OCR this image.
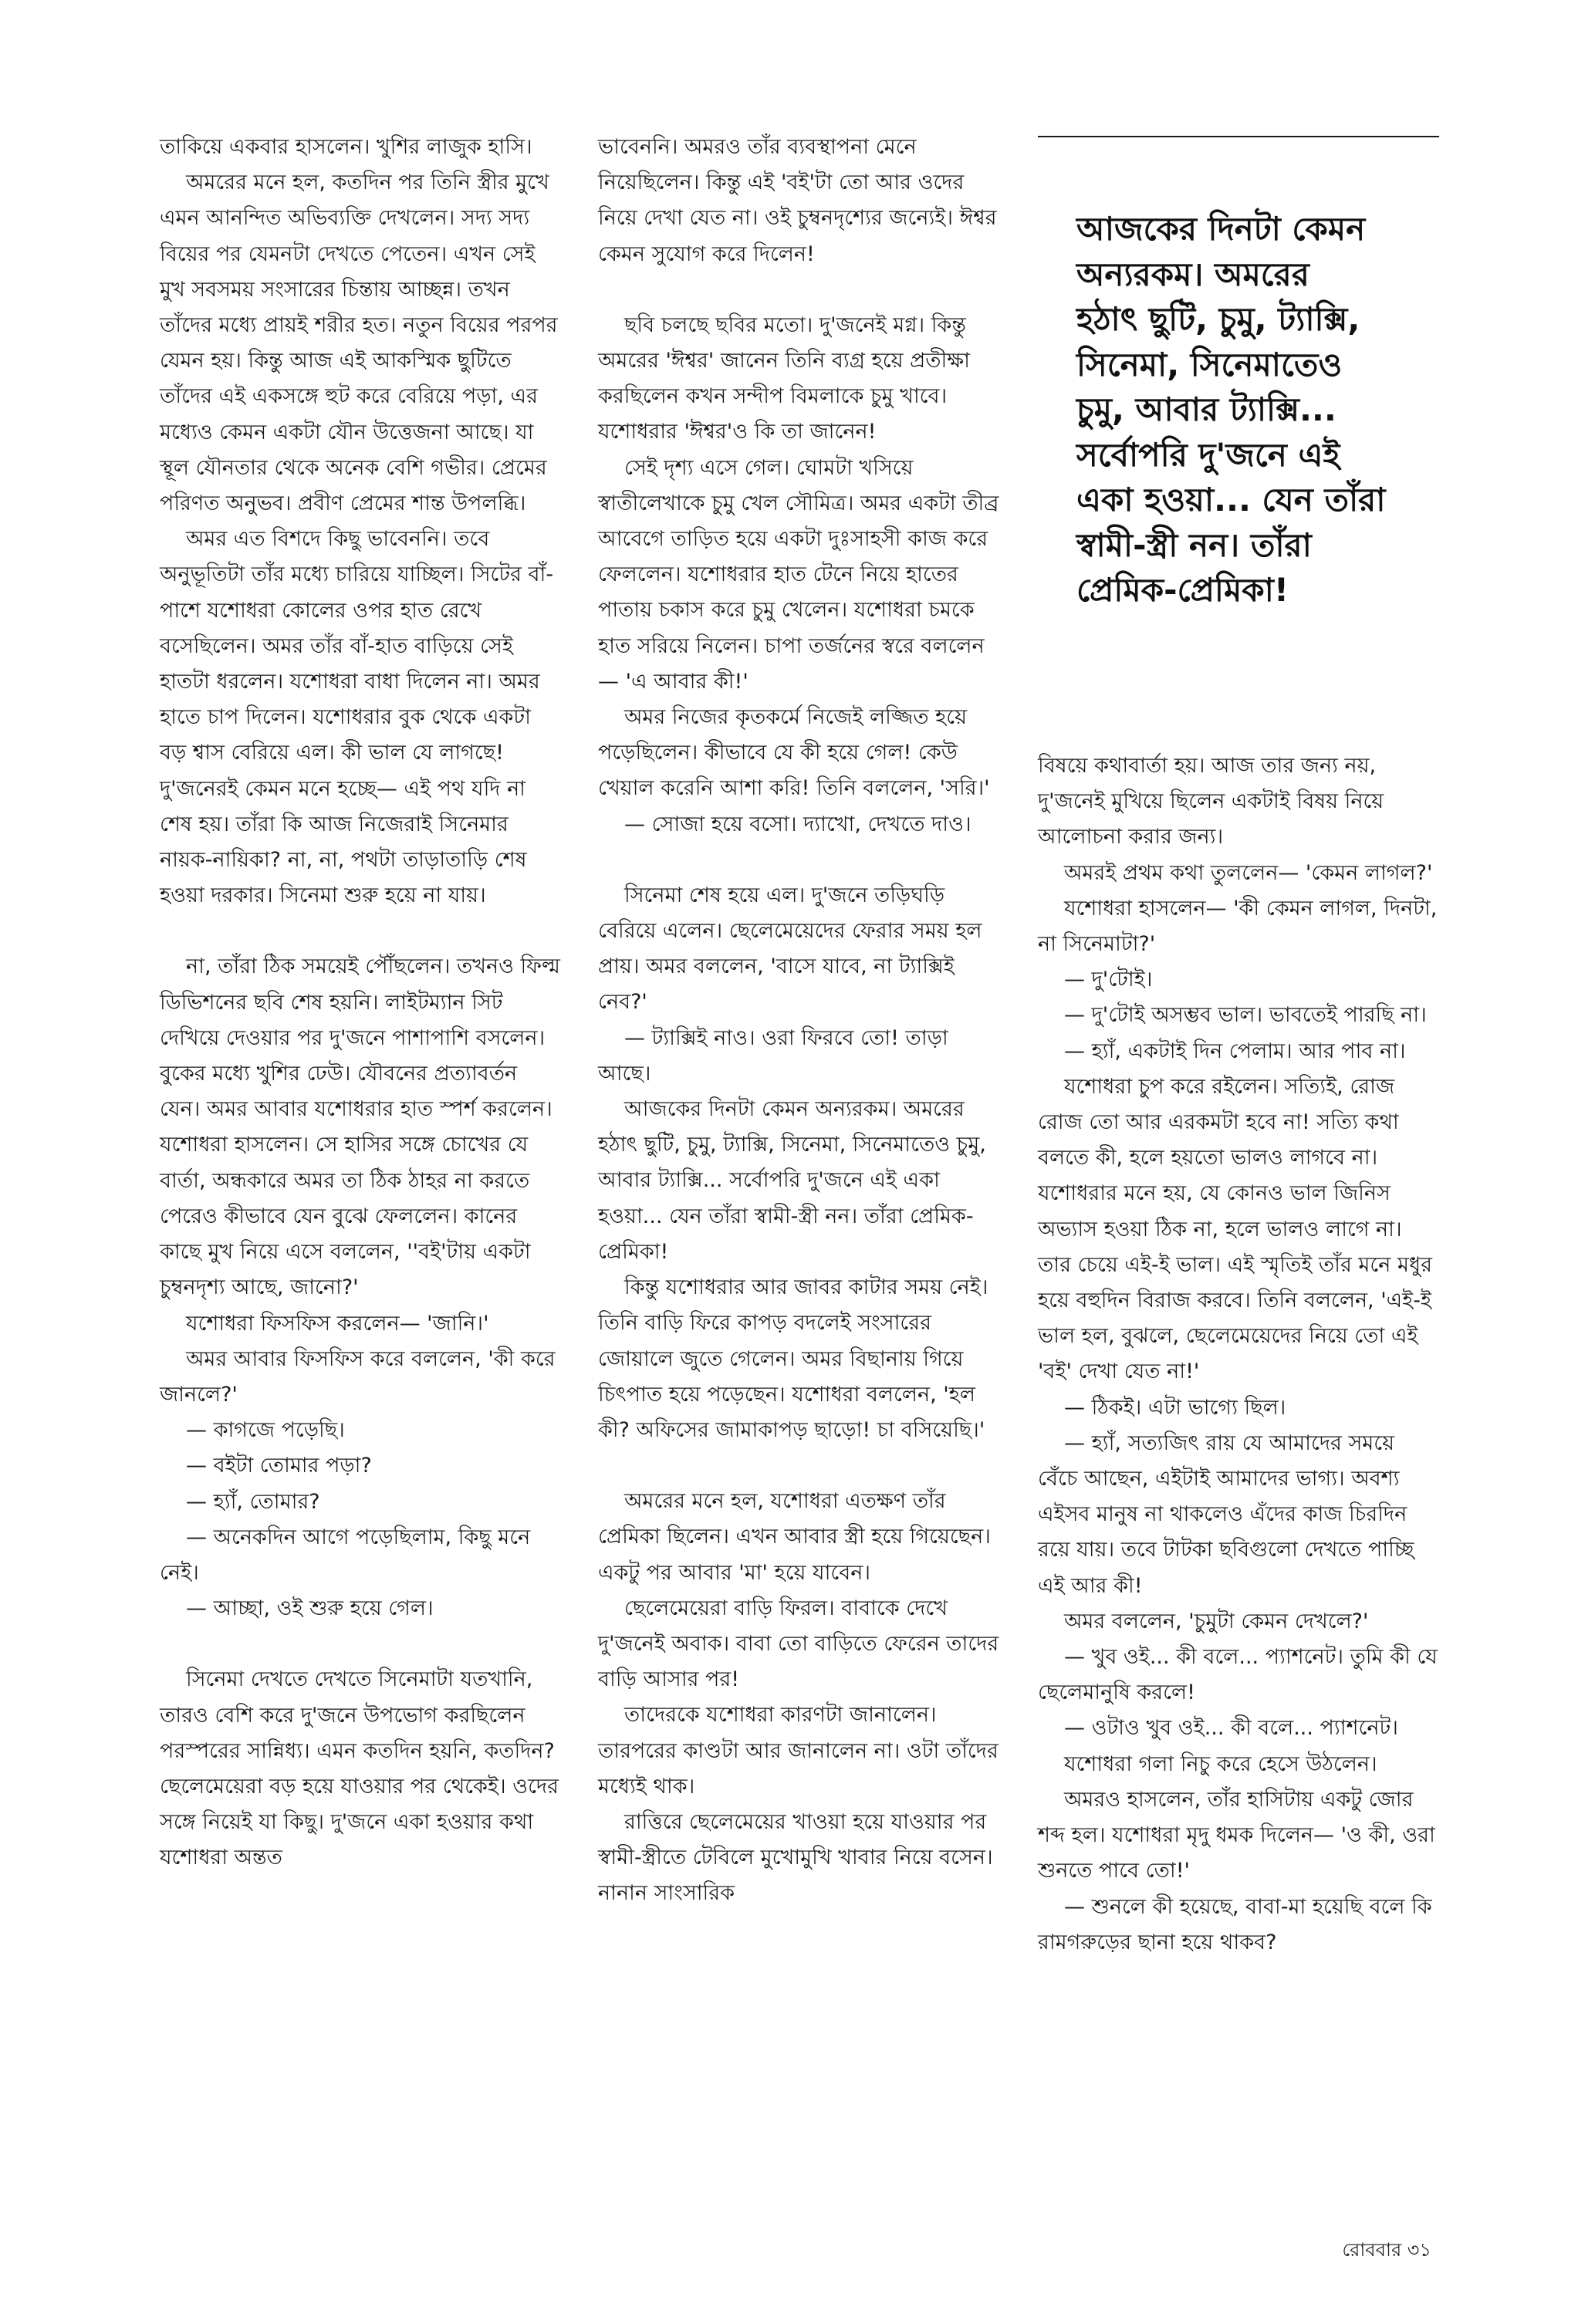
তাকিয়ে একবার হাসলেন। খুশির লাজুক হাসি।

অমরের মনে হল, কতদিন পর তিনি স্ত্রীর মুখে এমন আনন্দিত অভিব্যক্তি দেখলেন। সদ্য সদ্য বিয়ের পর যেমনটা দেখতে পেতেন। এখন সেই মুখ সবসময় সংসারের চিন্তায় আচ্ছন্ন। তখন তাঁদের মধ্যে প্রায়ই শরীর হত। নতুন বিয়ের পরপর যেমন হয়। কিন্তু আজ এই আকস্মিক ছুটিতে তাঁদের এই একসঙ্গে হুট করে বেরিয়ে পড়া, এর মধ্যেও কেমন একটা যৌন উত্তেজনা আছে। যা স্থূল যৌনতার থেকে অনেক বেশি গভীর। প্রেমের পরিণত অনুভব। প্রবীণ প্রেমের শান্ত উপলব্ধি।

অমর এত বিশদে কিছু ভাবেননি। তবে অনুভূতিটা তাঁর মধ্যে চারিয়ে যাচ্ছিল। সিটের বাঁ-পাশে যশোধরা কোলের ওপর হাত রেখে বসেছিলেন। অমর তাঁর বাঁ-হাত বাড়িয়ে সেই হাতটা ধরলেন। যশোধরা বাধা দিলেন না। অমর হাতে চাপ দিলেন। যশোধরার বুক থেকে একটা বড় শ্বাস বেরিয়ে এল। কী ভাল যে লাগছে! দু'জনেরই কেমন মনে হচ্ছে— এই পথ যদি না শেষ হয়। তাঁরা কি আজ নিজেরাই সিনেমার নায়ক-নায়িকা? না, না, পথটা তাড়াতাড়ি শেষ হওয়া দরকার। সিনেমা শুরু হয়ে না যায়।

না, তাঁরা ঠিক সময়েই পৌঁছলেন। তখনও ফিল্ম ডিভিশনের ছবি শেষ হয়নি। লাইটম্যান সিট দেখিয়ে দেওয়ার পর দু'জনে পাশাপাশি বসলেন। বুকের মধ্যে খুশির ঢেউ। যৌবনের প্রত্যাবর্তন যেন। অমর আবার যশোধরার হাত স্পর্শ করলেন। যশোধরা হাসলেন। সে হাসির সঙ্গে চোখের যে বার্তা, অন্ধকারে অমর তা ঠিক ঠাহর না করতে পেরেও কীভাবে যেন বুঝে ফেললেন। কানের কাছে মুখ নিয়ে এসে বললেন, ''বই'টায় একটা চুম্বনদৃশ্য আছে, জানো?'

যশোধরা ফিসফিস করলেন— 'জানি।'

অমর আবার ফিসফিস করে বললেন, 'কী করে জানলে?'

— কাগজে পড়েছি।

— বইটা তোমার পড়া?

— হ্যাঁ, তোমার?

— অনেকদিন আগে পড়েছিলাম, কিছু মনে নেই।

— আচ্ছা, ওই শুরু হয়ে গেল।

সিনেমা দেখতে দেখতে সিনেমাটা যতখানি, তারও বেশি করে দু'জনে উপভোগ করছিলেন পরস্পরের সান্নিধ্য। এমন কতদিন হয়নি, কতদিন? ছেলেমেয়েরা বড় হয়ে যাওয়ার পর থেকেই। ওদের সঙ্গে নিয়েই যা কিছু। দু'জনে একা হওয়ার কথা যশোধরা অন্তত

ভাবেননি। অমরও তাঁর ব্যবস্থাপনা মেনে নিয়েছিলেন। কিন্তু এই 'বই'টা তো আর ওদের নিয়ে দেখা যেত না। ওই চুম্বনদৃশ্যের জন্যেই। ঈশ্বর কেমন সুযোগ করে দিলেন!

ছবি চলছে ছবির মতো। দু'জনেই মগ্ন। কিন্তু অমরের 'ঈশ্বর' জানেন তিনি ব্যগ্র হয়ে প্রতীক্ষা করছিলেন কখন সন্দীপ বিমলাকে চুমু খাবে। যশোধরার 'ঈশ্বর'ও কি তা জানেন!

সেই দৃশ্য এসে গেল। ঘোমটা খসিয়ে স্বাতীলেখাকে চুমু খেল সৌমিত্র। অমর একটা তীব্র আবেগে তাড়িত হয়ে একটা দুঃসাহসী কাজ করে ফেললেন। যশোধরার হাত টেনে নিয়ে হাতের পাতায় চকাস করে চুমু খেলেন। যশোধরা চমকে হাত সরিয়ে নিলেন। চাপা তর্জনের স্বরে বললেন— 'এ আবার কী!'

অমর নিজের কৃতকর্মে নিজেই লজ্জিত হয়ে পড়েছিলেন। কীভাবে যে কী হয়ে গেল! কেউ খেয়াল করেনি আশা করি! তিনি বললেন, 'সরি।'

— সোজা হয়ে বসো। দ্যাখো, দেখতে দাও।

সিনেমা শেষ হয়ে এল। দু'জনে তড়িঘড়ি বেরিয়ে এলেন। ছেলেমেয়েদের ফেরার সময় হল প্রায়। অমর বললেন, 'বাসে যাবে, না ট্যাক্সিই নেব?'

— ট্যাক্সিই নাও। ওরা ফিরবে তো! তাড়া আছে।

আজকের দিনটা কেমন অন্যরকম। অমরের হঠাৎ ছুটি, চুমু, ট্যাক্সি, সিনেমা, সিনেমাতেও চুমু, আবার ট্যাক্সি... সর্বোপরি দু'জনে এই একা হওয়া... যেন তাঁরা স্বামী-স্ত্রী নন। তাঁরা প্রেমিক-প্রেমিকা!

কিন্তু যশোধরার আর জাবর কাটার সময় নেই। তিনি বাড়ি ফিরে কাপড় বদলেই সংসারের জোয়ালে জুতে গেলেন। অমর বিছানায় গিয়ে চিৎপাত হয়ে পড়েছেন। যশোধরা বললেন, 'হল কী? অফিসের জামাকাপড় ছাড়ো! চা বসিয়েছি।'

অমরের মনে হল, যশোধরা এতক্ষণ তাঁর প্রেমিকা ছিলেন। এখন আবার স্ত্রী হয়ে গিয়েছেন। একটু পর আবার 'মা' হয়ে যাবেন।

ছেলেমেয়েরা বাড়ি ফিরল। বাবাকে দেখে দু'জনেই অবাক। বাবা তো বাড়িতে ফেরেন তাদের বাড়ি আসার পর!

তাদেরকে যশোধরা কারণটা জানালেন। তারপরের কাণ্ডটা আর জানালেন না। ওটা তাঁদের মধ্যেই থাক।

রাত্তিরে ছেলেমেয়ের খাওয়া হয়ে যাওয়ার পর স্বামী-স্ত্রীতে টেবিলে মুখোমুখি খাবার নিয়ে বসেন। নানান সাংসারিক

আজকের দিনটা কেমন

অন্যরকম। অমরের

হঠাৎ ছুটি, চুমু, ট্যাক্সি,

সিনেমা, সিনেমাতেও

চুমু, আবার ট্যাক্সি...

সর্বোপরি দু'জনে এই

একা হওয়া... যেন তাঁরা

স্বামী-স্ত্রী নন। তাঁরা

প্রেমিক-প্রেমিকা!

বিষয়ে কথাবার্তা হয়। আজ তার জন্য নয়, দু'জনেই মুখিয়ে ছিলেন একটাই বিষয় নিয়ে আলোচনা করার জন্য।

অমরই প্রথম কথা তুললেন— 'কেমন লাগল?'

যশোধরা হাসলেন— 'কী কেমন লাগল, দিনটা, না সিনেমাটা?'

— দু'টোই।

— দু'টোই অসম্ভব ভাল। ভাবতেই পারছি না।

— হ্যাঁ, একটাই দিন পেলাম। আর পাব না।

যশোধরা চুপ করে রইলেন। সত্যিই, রোজ রোজ তো আর এরকমটা হবে না! সত্যি কথা বলতে কী, হলে হয়তো ভালও লাগবে না। যশোধরার মনে হয়, যে কোনও ভাল জিনিস অভ্যাস হওয়া ঠিক না, হলে ভালও লাগে না। তার চেয়ে এই-ই ভাল। এই স্মৃতিই তাঁর মনে মধুর হয়ে বহুদিন বিরাজ করবে। তিনি বললেন, 'এই-ই ভাল হল, বুঝলে, ছেলেমেয়েদের নিয়ে তো এই 'বই' দেখা যেত না!'

— ঠিকই। এটা ভাগ্যে ছিল।

— হ্যাঁ, সত্যজিৎ রায় যে আমাদের সময়ে বেঁচে আছেন, এইটাই আমাদের ভাগ্য। অবশ্য এইসব মানুষ না থাকলেও এঁদের কাজ চিরদিন রয়ে যায়। তবে টাটকা ছবিগুলো দেখতে পাচ্ছি এই আর কী!

অমর বললেন, 'চুমুটা কেমন দেখলে?'

— খুব ওই... কী বলে... প্যাশনেট। তুমি কী যে ছেলেমানুষি করলে!

— ওটাও খুব ওই... কী বলে... প্যাশনেট।

যশোধরা গলা নিচু করে হেসে উঠলেন।

অমরও হাসলেন, তাঁর হাসিটায় একটু জোর শব্দ হল। যশোধরা মৃদু ধমক দিলেন— 'ও কী, ওরা শুনতে পাবে তো!'

— শুনলে কী হয়েছে, বাবা-মা হয়েছি বলে কি রামগরুড়ের ছানা হয়ে থাকব?

রোববার ৩১
